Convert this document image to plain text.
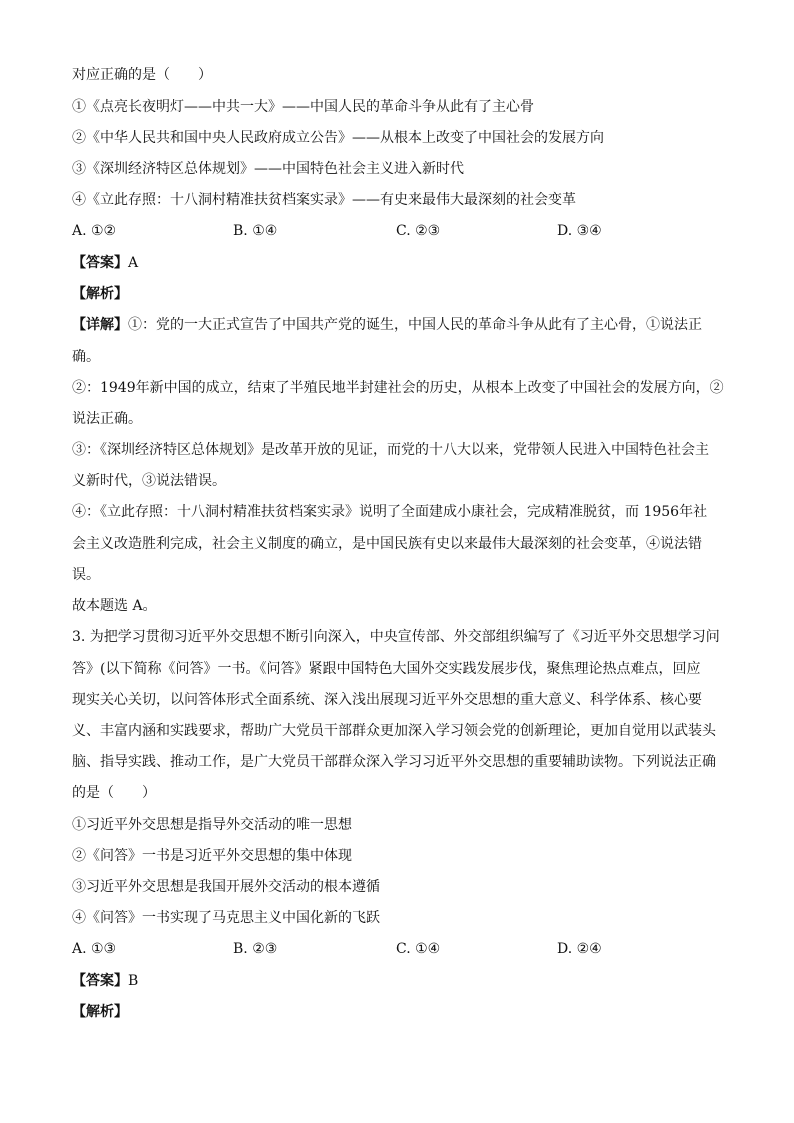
对应正确的是（　　）
①《点亮长夜明灯——中共一大》——中国人民的革命斗争从此有了主心骨
②《中华人民共和国中央人民政府成立公告》——从根本上改变了中国社会的发展方向
③《深圳经济特区总体规划》——中国特色社会主义进入新时代
④《立此存照：十八洞村精准扶贫档案实录》——有史来最伟大最深刻的社会变革
A. ①②	B. ①④	C. ②③	D. ③④
【答案】A
【解析】
【详解】①：党的一大正式宣告了中国共产党的诞生，中国人民的革命斗争从此有了主心骨，①说法正
确。
②：1949年新中国的成立，结束了半殖民地半封建社会的历史，从根本上改变了中国社会的发展方向，②
说法正确。
③：《深圳经济特区总体规划》是改革开放的见证，而党的十八大以来，党带领人民进入中国特色社会主
义新时代，③说法错误。
④：《立此存照：十八洞村精准扶贫档案实录》说明了全面建成小康社会，完成精准脱贫，而 1956年社
会主义改造胜利完成，社会主义制度的确立，是中国民族有史以来最伟大最深刻的社会变革，④说法错
误。
故本题选 A。
3. 为把学习贯彻习近平外交思想不断引向深入，中央宣传部、外交部组织编写了《习近平外交思想学习问
答》(以下简称《问答》一书。《问答》紧跟中国特色大国外交实践发展步伐，聚焦理论热点难点，回应
现实关心关切，以问答体形式全面系统、深入浅出展现习近平外交思想的重大意义、科学体系、核心要
义、丰富内涵和实践要求，帮助广大党员干部群众更加深入学习领会党的创新理论，更加自觉用以武装头
脑、指导实践、推动工作，是广大党员干部群众深入学习习近平外交思想的重要辅助读物。下列说法正确
的是（　　）
①习近平外交思想是指导外交活动的唯一思想
②《问答》一书是习近平外交思想的集中体现
③习近平外交思想是我国开展外交活动的根本遵循
④《问答》一书实现了马克思主义中国化新的飞跃
A. ①③	B. ②③	C. ①④	D. ②④
【答案】B
【解析】
